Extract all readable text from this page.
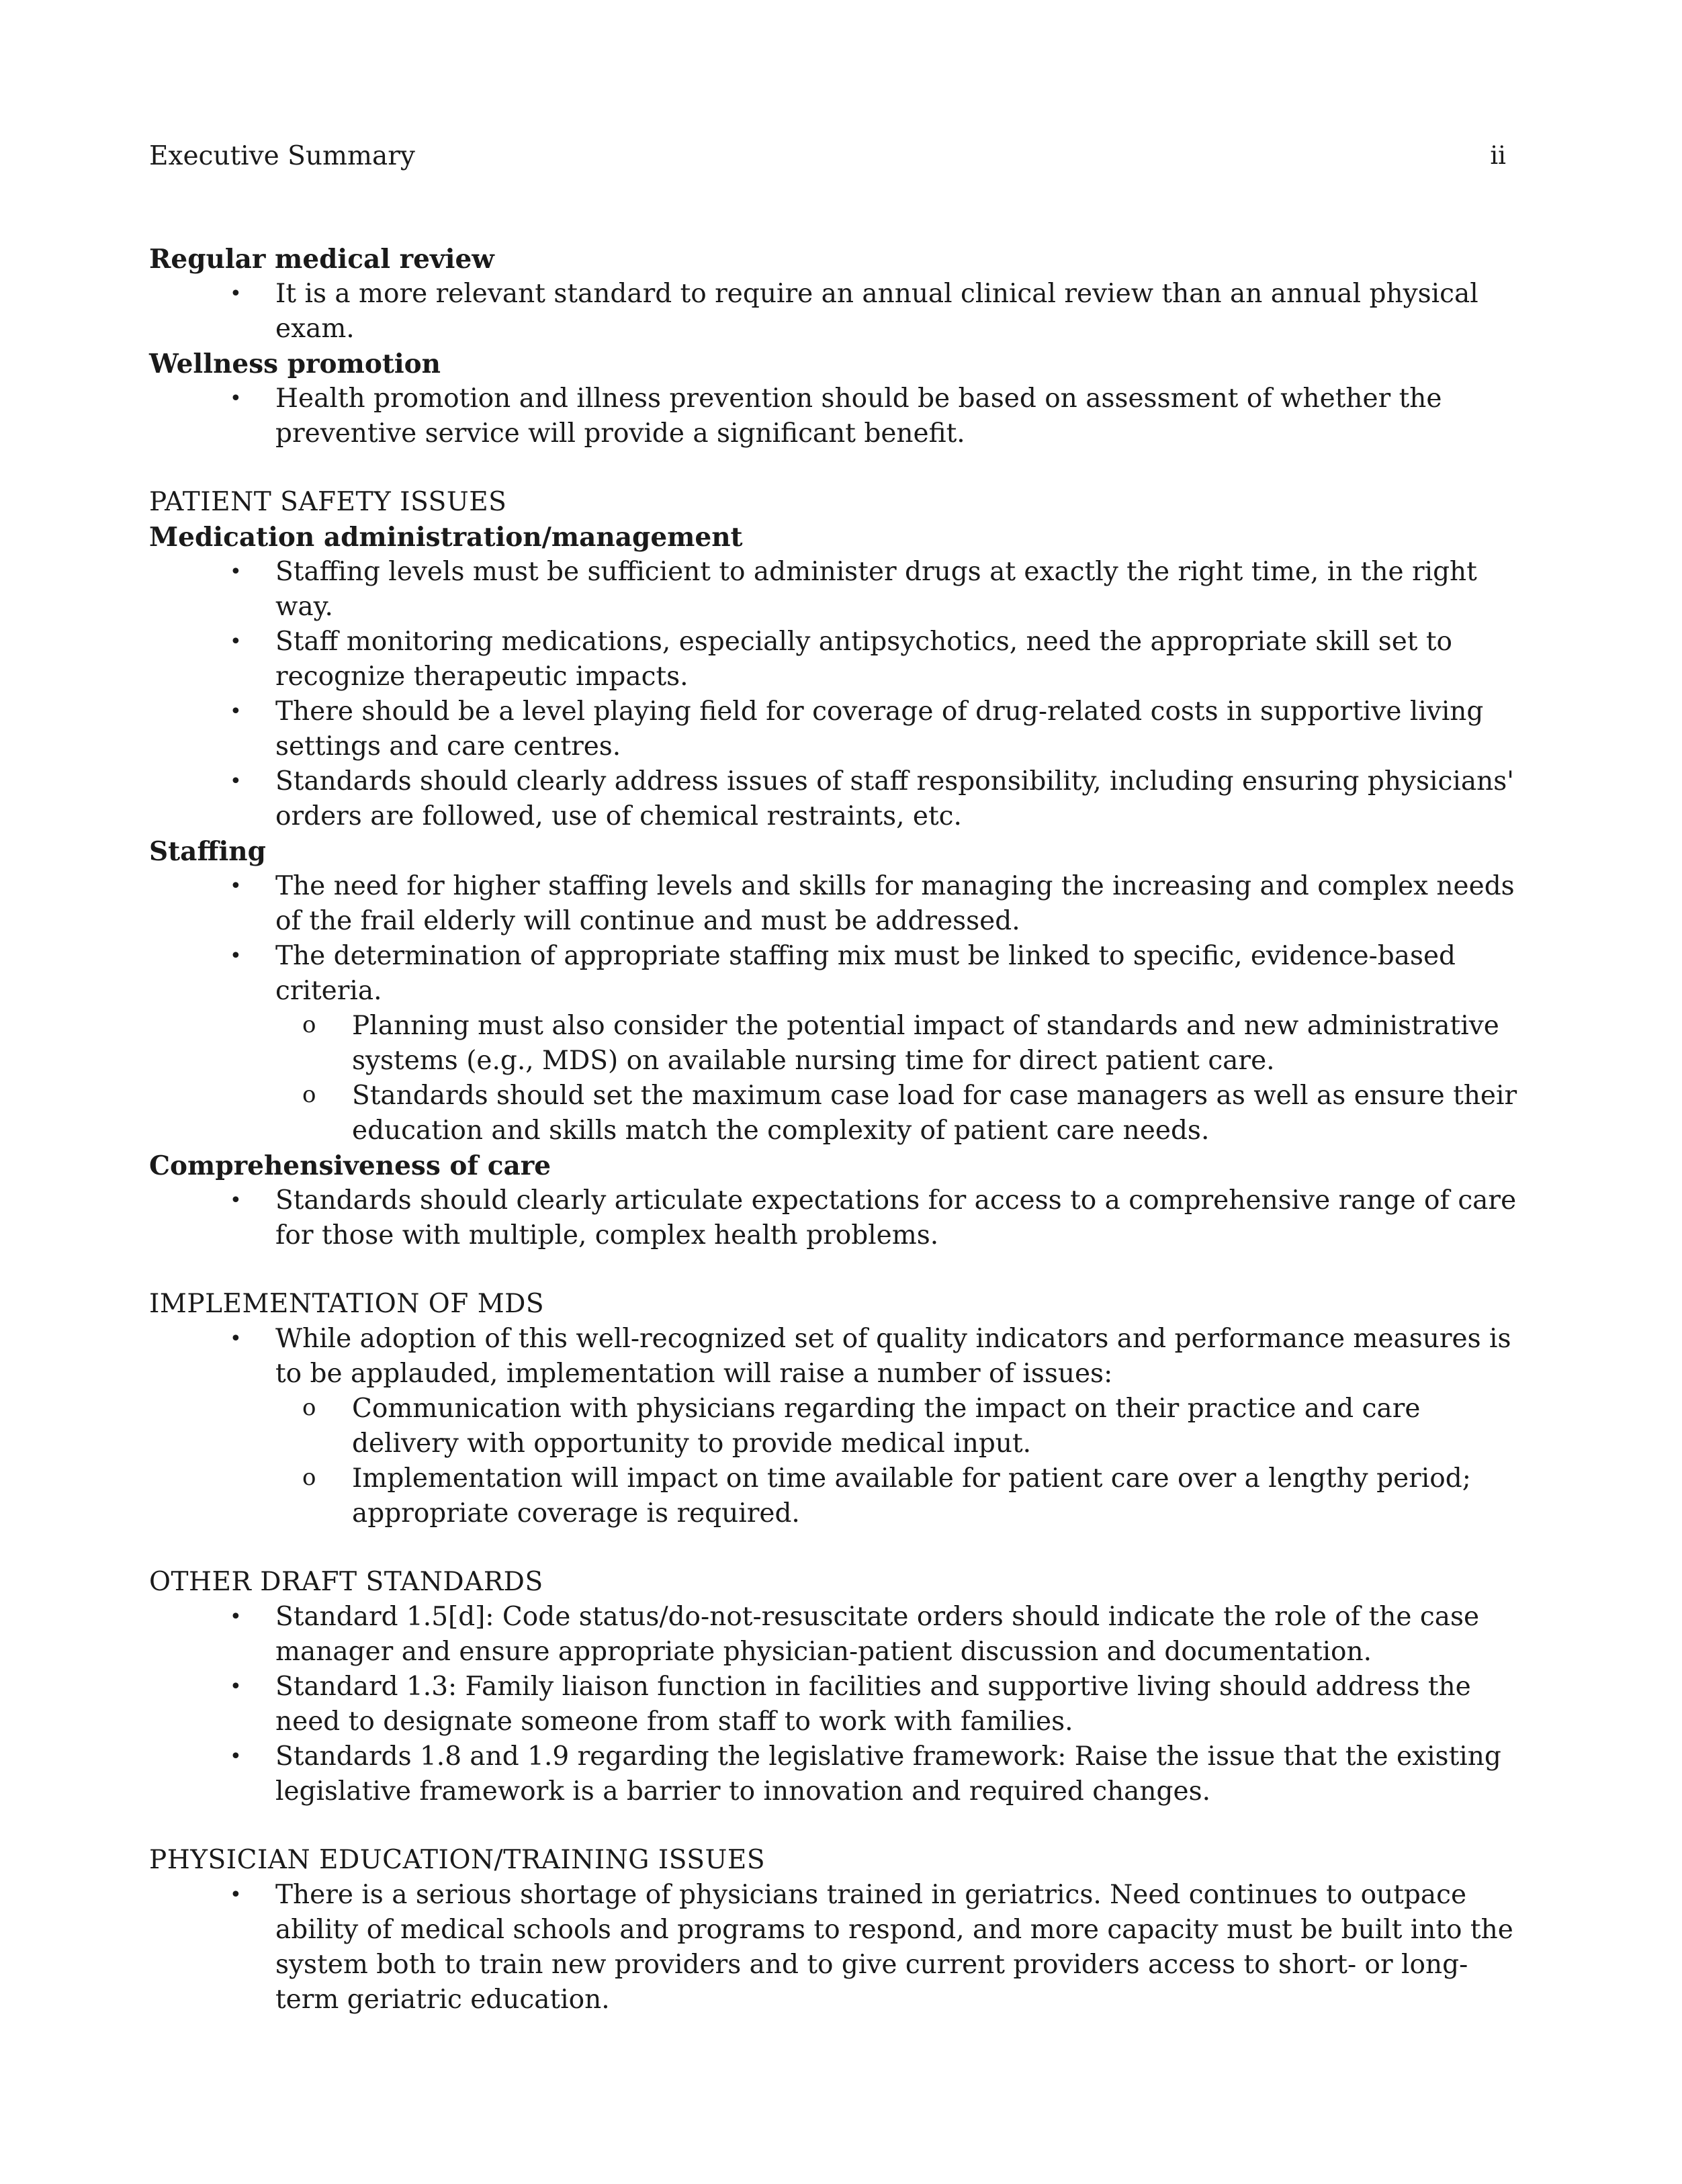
Executive Summary	ii
Regular medical review
• It is a more relevant standard to require an annual clinical review than an annual physical exam.
Wellness promotion
• Health promotion and illness prevention should be based on assessment of whether the preventive service will provide a significant benefit.
PATIENT SAFETY ISSUES
Medication administration/management
• Staffing levels must be sufficient to administer drugs at exactly the right time, in the right way.
• Staff monitoring medications, especially antipsychotics, need the appropriate skill set to recognize therapeutic impacts.
• There should be a level playing field for coverage of drug-related costs in supportive living settings and care centres.
• Standards should clearly address issues of staff responsibility, including ensuring physicians' orders are followed, use of chemical restraints, etc.
Staffing
• The need for higher staffing levels and skills for managing the increasing and complex needs of the frail elderly will continue and must be addressed.
• The determination of appropriate staffing mix must be linked to specific, evidence-based criteria.
o Planning must also consider the potential impact of standards and new administrative systems (e.g., MDS) on available nursing time for direct patient care.
o Standards should set the maximum case load for case managers as well as ensure their education and skills match the complexity of patient care needs.
Comprehensiveness of care
• Standards should clearly articulate expectations for access to a comprehensive range of care for those with multiple, complex health problems.
IMPLEMENTATION OF MDS
• While adoption of this well-recognized set of quality indicators and performance measures is to be applauded, implementation will raise a number of issues:
o Communication with physicians regarding the impact on their practice and care delivery with opportunity to provide medical input.
o Implementation will impact on time available for patient care over a lengthy period; appropriate coverage is required.
OTHER DRAFT STANDARDS
• Standard 1.5[d]: Code status/do-not-resuscitate orders should indicate the role of the case manager and ensure appropriate physician-patient discussion and documentation.
• Standard 1.3: Family liaison function in facilities and supportive living should address the need to designate someone from staff to work with families.
• Standards 1.8 and 1.9 regarding the legislative framework: Raise the issue that the existing legislative framework is a barrier to innovation and required changes.
PHYSICIAN EDUCATION/TRAINING ISSUES
• There is a serious shortage of physicians trained in geriatrics. Need continues to outpace ability of medical schools and programs to respond, and more capacity must be built into the system both to train new providers and to give current providers access to short- or long-term geriatric education.
